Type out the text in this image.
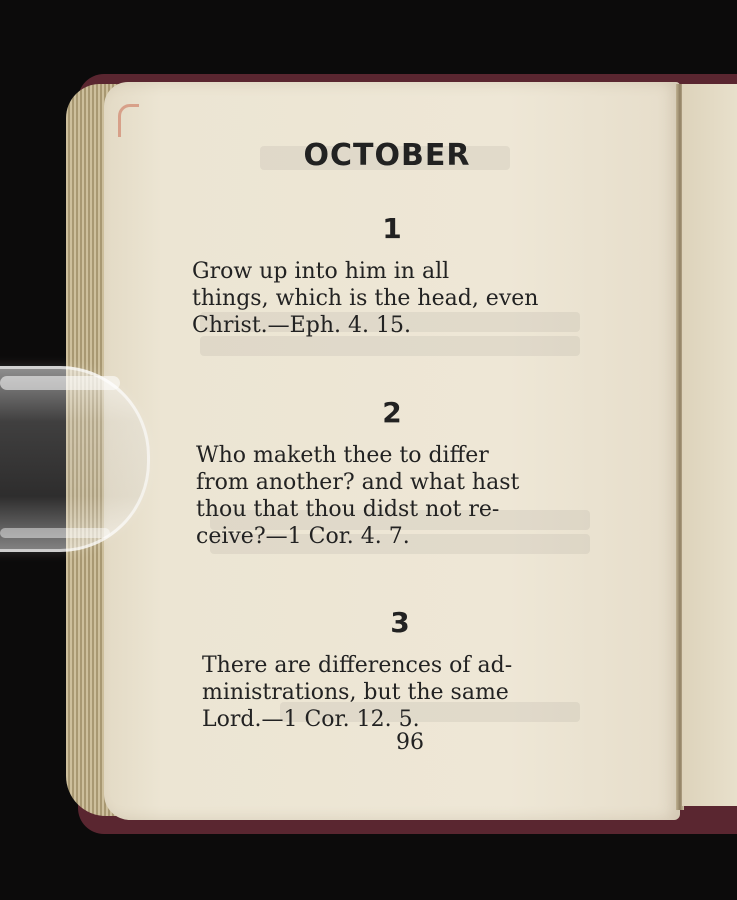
OCTOBER
1
Grow up into him in all
things, which is the head, even
Christ.—Eph. 4. 15.
2
Who maketh thee to differ
from another? and what hast
thou that thou didst not re-
ceive?—1 Cor. 4. 7.
3
There are differences of ad-
ministrations, but the same
Lord.—1 Cor. 12. 5.
96
